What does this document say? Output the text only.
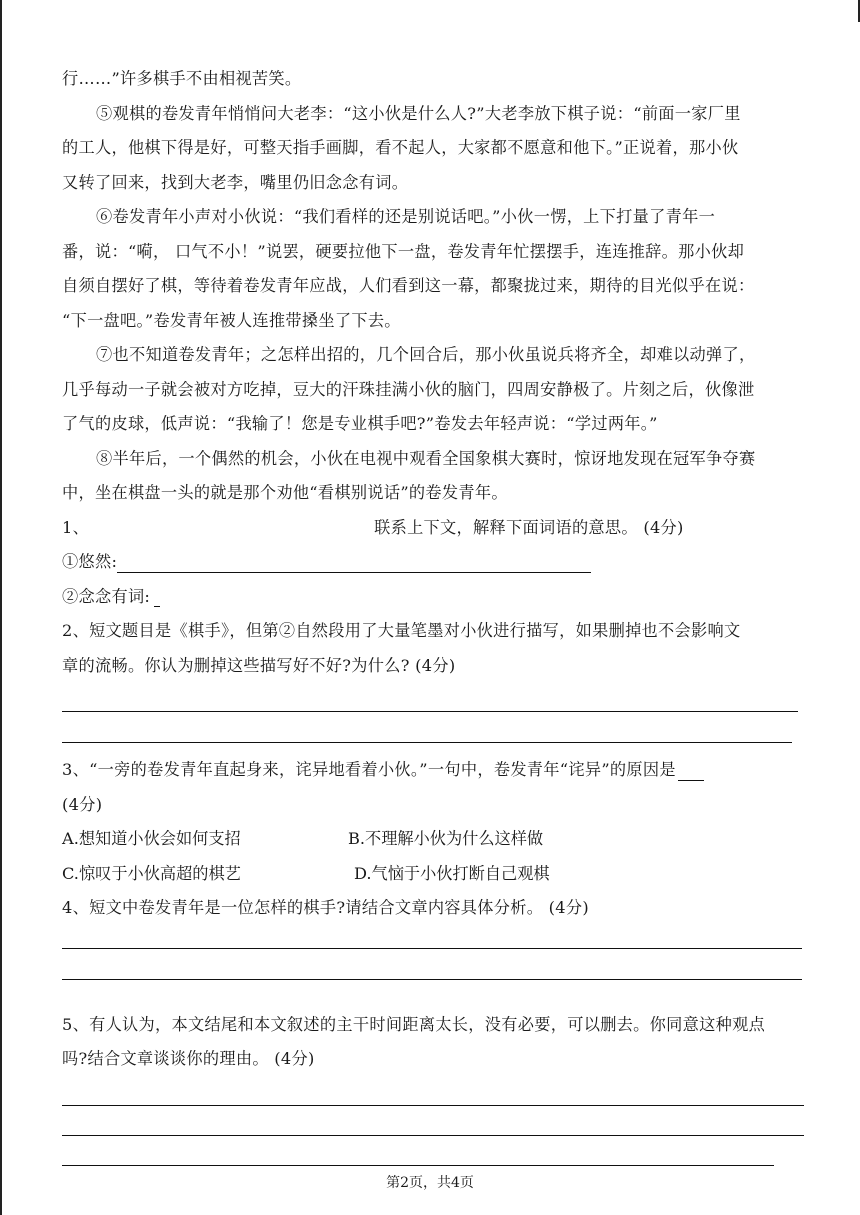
行……”许多棋手不由相视苦笑。
⑤观棋的卷发青年悄悄问大老李：“这小伙是什么人?”大老李放下棋子说：“前面一家厂里
的工人，他棋下得是好，可整天指手画脚，看不起人，大家都不愿意和他下。”正说着，那小伙
又转了回来，找到大老李，嘴里仍旧念念有词。
⑥卷发青年小声对小伙说：“我们看样的还是别说话吧。”小伙一愣，上下打量了青年一
番，说：“嗬， 口气不小！”说罢，硬要拉他下一盘，卷发青年忙摆摆手，连连推辞。那小伙却
自须自摆好了棋，等待着卷发青年应战，人们看到这一幕，都聚拢过来，期待的目光似乎在说：
“下一盘吧。”卷发青年被人连推带搡坐了下去。
⑦也不知道卷发青年；之怎样出招的，几个回合后，那小伙虽说兵将齐全，却难以动弹了，
几乎每动一子就会被对方吃掉，豆大的汗珠挂满小伙的脑门，四周安静极了。片刻之后，伙像泄
了气的皮球，低声说：“我输了！您是专业棋手吧?”卷发去年轻声说：“学过两年。”
⑧半年后，一个偶然的机会，小伙在电视中观看全国象棋大赛时，惊讶地发现在冠军争夺赛
中，坐在棋盘一头的就是那个劝他“看棋别说话”的卷发青年。
1、	联系上下文，解释下面词语的意思。 (4分)
①悠然:
②念念有词:
2、短文题目是《棋手》，但第②自然段用了大量笔墨对小伙进行描写，如果删掉也不会影响文
章的流畅。你认为删掉这些描写好不好?为什么? (4分)
3、“一旁的卷发青年直起身来，诧异地看着小伙。”一句中，卷发青年“诧异”的原因是
(4分)
A.想知道小伙会如何支招	B.不理解小伙为什么这样做
C.惊叹于小伙高超的棋艺	D.气恼于小伙打断自己观棋
4、短文中卷发青年是一位怎样的棋手?请结合文章内容具体分析。 (4分)
5、有人认为，本文结尾和本文叙述的主干时间距离太长，没有必要，可以删去。你同意这种观点
吗?结合文章谈谈你的理由。 (4分)
第2页，共4页
